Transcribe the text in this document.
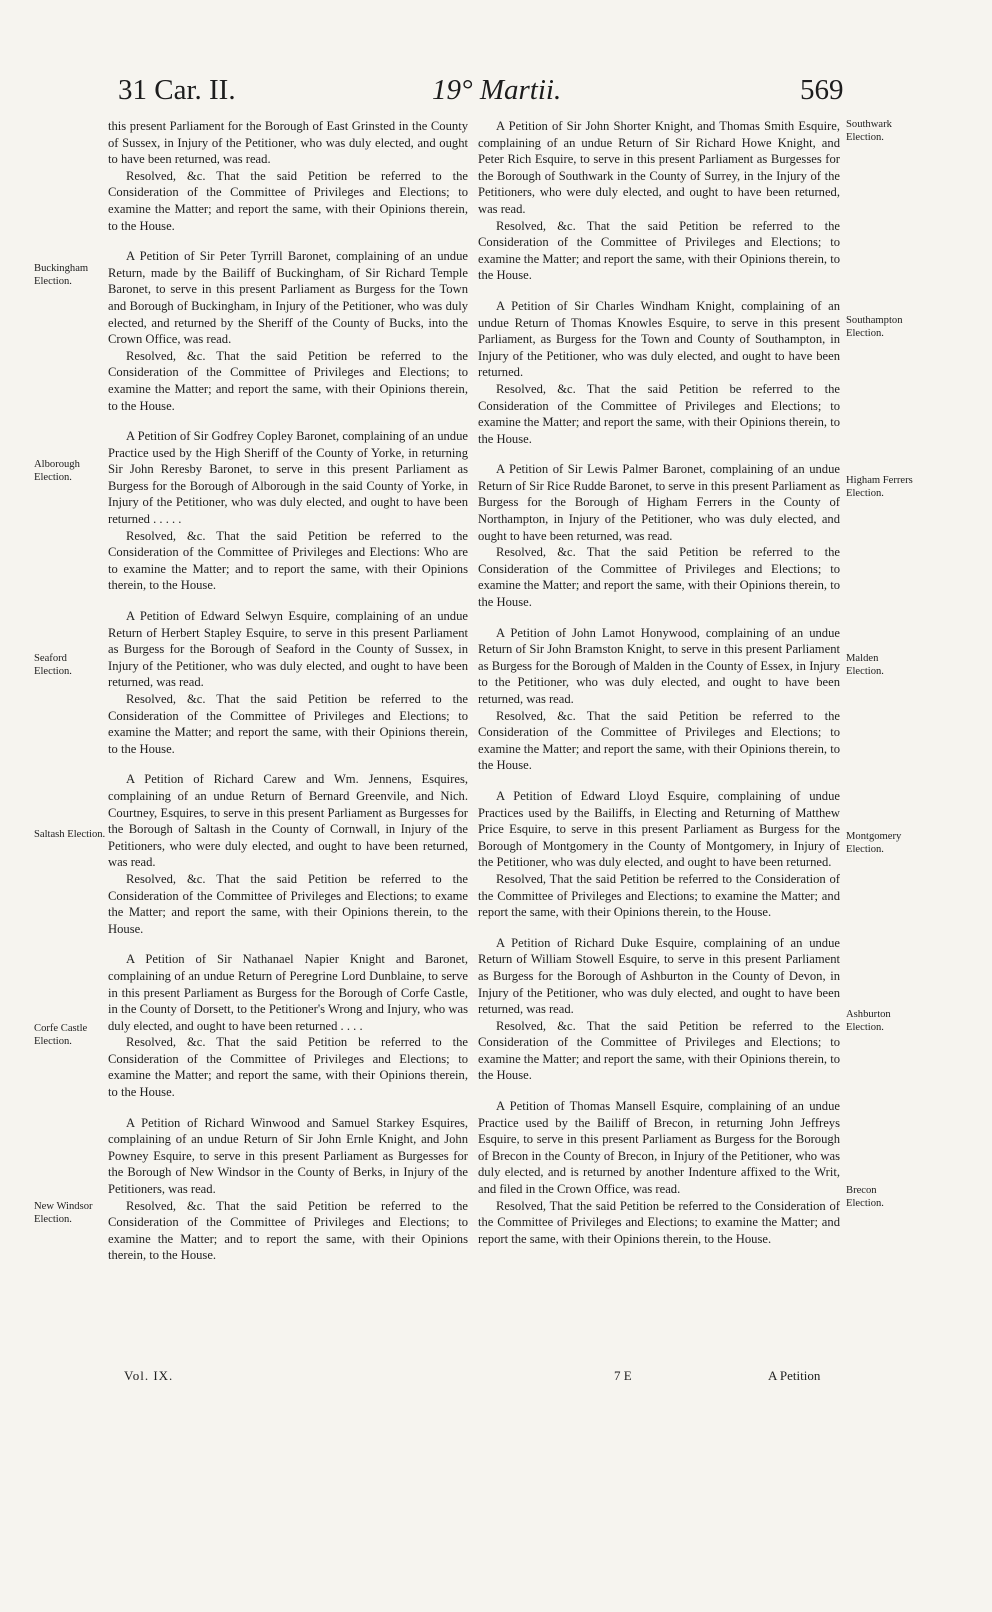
31 Car. II.	19° Martii.	569

this present Parliament for the Borough of East Grinsted in the County of Sussex, in Injury of the Petitioner, who was duly elected, and ought to have been returned, was read.

Resolved, &c. That the said Petition be referred to the Consideration of the Committee of Privileges and Elections; to examine the Matter; and report the same, with their Opinions therein, to the House.

A Petition of Sir Peter Tyrrill Baronet, complaining of an undue Return, made by the Bailiff of Buckingham, of Sir Richard Temple Baronet, to serve in this present Parliament as Burgess for the Town and Borough of Buckingham, in Injury of the Petitioner, who was duly elected, and returned by the Sheriff of the County of Bucks, into the Crown Office, was read.

Resolved, &c. That the said Petition be referred to the Consideration of the Committee of Privileges and Elections; to examine the Matter; and report the same, with their Opinions therein, to the House.

A Petition of Sir Godfrey Copley Baronet, complaining of an undue Practice used by the High Sheriff of the County of Yorke, in returning Sir John Reresby Baronet, to serve in this present Parliament as Burgess for the Borough of Alborough in the said County of Yorke, in Injury of the Petitioner, who was duly elected, and ought to have been returned . . . . .

Resolved, &c. That the said Petition be referred to the Consideration of the Committee of Privileges and Elections: Who are to examine the Matter; and to report the same, with their Opinions therein, to the House.

A Petition of Edward Selwyn Esquire, complaining of an undue Return of Herbert Stapley Esquire, to serve in this present Parliament as Burgess for the Borough of Seaford in the County of Sussex, in Injury of the Petitioner, who was duly elected, and ought to have been returned, was read.

Resolved, &c. That the said Petition be referred to the Consideration of the Committee of Privileges and Elections; to examine the Matter; and report the same, with their Opinions therein, to the House.

A Petition of Richard Carew and Wm. Jennens, Esquires, complaining of an undue Return of Bernard Greenvile, and Nich. Courtney, Esquires, to serve in this present Parliament as Burgesses for the Borough of Saltash in the County of Cornwall, in Injury of the Petitioners, who were duly elected, and ought to have been returned, was read.

Resolved, &c. That the said Petition be referred to the Consideration of the Committee of Privileges and Elections; to exame the Matter; and report the same, with their Opinions therein, to the House.

A Petition of Sir Nathanael Napier Knight and Baronet, complaining of an undue Return of Peregrine Lord Dunblaine, to serve in this present Parliament as Burgess for the Borough of Corfe Castle, in the County of Dorsett, to the Petitioner's Wrong and Injury, who was duly elected, and ought to have been returned . . . .

Resolved, &c. That the said Petition be referred to the Consideration of the Committee of Privileges and Elections; to examine the Matter; and report the same, with their Opinions therein, to the House.

A Petition of Richard Winwood and Samuel Starkey Esquires, complaining of an undue Return of Sir John Ernle Knight, and John Powney Esquire, to serve in this present Parliament as Burgesses for the Borough of New Windsor in the County of Berks, in Injury of the Petitioners, was read.

Resolved, &c. That the said Petition be referred to the Consideration of the Committee of Privileges and Elections; to examine the Matter; and to report the same, with their Opinions therein, to the House.

Buckingham Election.
Alborough Election.
Seaford Election.
Saltash Election.
Corfe Castle Election.
New Windsor Election.

A Petition of Sir John Shorter Knight, and Thomas Smith Esquire, complaining of an undue Return of Sir Richard Howe Knight, and Peter Rich Esquire, to serve in this present Parliament as Burgesses for the Borough of Southwark in the County of Surrey, in the Injury of the Petitioners, who were duly elected, and ought to have been returned, was read.

Resolved, &c. That the said Petition be referred to the Consideration of the Committee of Privileges and Elections; to examine the Matter; and report the same, with their Opinions therein, to the House.

A Petition of Sir Charles Windham Knight, complaining of an undue Return of Thomas Knowles Esquire, to serve in this present Parliament, as Burgess for the Town and County of Southampton, in Injury of the Petitioner, who was duly elected, and ought to have been returned.

Resolved, &c. That the said Petition be referred to the Consideration of the Committee of Privileges and Elections; to examine the Matter; and report the same, with their Opinions therein, to the House.

A Petition of Sir Lewis Palmer Baronet, complaining of an undue Return of Sir Rice Rudde Baronet, to serve in this present Parliament as Burgess for the Borough of Higham Ferrers in the County of Northampton, in Injury of the Petitioner, who was duly elected, and ought to have been returned, was read.

Resolved, &c. That the said Petition be referred to the Consideration of the Committee of Privileges and Elections; to examine the Matter; and report the same, with their Opinions therein, to the House.

A Petition of John Lamot Honywood, complaining of an undue Return of Sir John Bramston Knight, to serve in this present Parliament as Burgess for the Borough of Malden in the County of Essex, in Injury to the Petitioner, who was duly elected, and ought to have been returned, was read.

Resolved, &c. That the said Petition be referred to the Consideration of the Committee of Privileges and Elections; to examine the Matter; and report the same, with their Opinions therein, to the House.

A Petition of Edward Lloyd Esquire, complaining of undue Practices used by the Bailiffs, in Electing and Returning of Matthew Price Esquire, to serve in this present Parliament as Burgess for the Borough of Montgomery in the County of Montgomery, in Injury of the Petitioner, who was duly elected, and ought to have been returned.

Resolved, That the said Petition be referred to the Consideration of the Committee of Privileges and Elections; to examine the Matter; and report the same, with their Opinions therein, to the House.

A Petition of Richard Duke Esquire, complaining of an undue Return of William Stowell Esquire, to serve in this present Parliament as Burgess for the Borough of Ashburton in the County of Devon, in Injury of the Petitioner, who was duly elected, and ought to have been returned, was read.

Resolved, &c. That the said Petition be referred to the Consideration of the Committee of Privileges and Elections; to examine the Matter; and report the same, with their Opinions therein, to the House.

A Petition of Thomas Mansell Esquire, complaining of an undue Practice used by the Bailiff of Brecon, in returning John Jeffreys Esquire, to serve in this present Parliament as Burgess for the Borough of Brecon in the County of Brecon, in Injury of the Petitioner, who was duly elected, and is returned by another Indenture affixed to the Writ, and filed in the Crown Office, was read.

Resolved, That the said Petition be referred to the Consideration of the Committee of Privileges and Elections; to examine the Matter; and report the same, with their Opinions therein, to the House.

Southwark Election.
Southampton Election.
Higham Ferrers Election.
Malden Election.
Montgomery Election.
Ashburton Election.
Brecon Election.
Vol. IX.	7 E	A Petition
